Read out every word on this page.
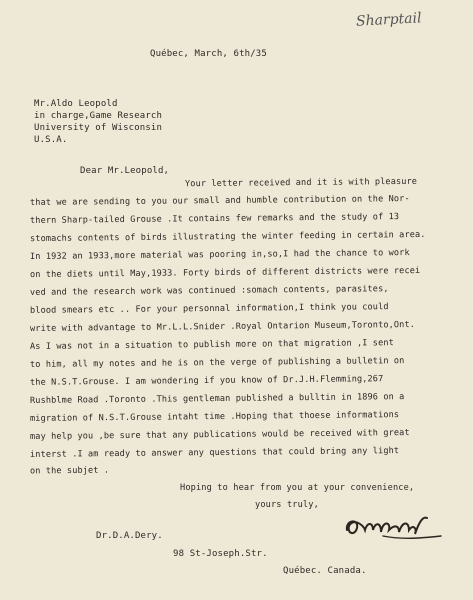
Sharptail
Québec, March, 6th/35
Mr.Aldo Leopold
in charge,Game Research
University of Wisconsin
U.S.A.
Dear Mr.Leopold,
Your letter received and it is with pleasure
that we are sending to you our small and humble contribution on the Nor-
thern Sharp-tailed Grouse .It contains few remarks and the study of 13
stomachs contents of birds illustrating the winter feeding in certain area.
In 1932 an 1933,more material was pooring in,so,I had the chance to work
on the diets until May,1933. Forty birds of different districts were recei
ved and the research work was continued :somach contents, parasites,
blood smears etc .. For your personnal information,I think you could
write with advantage to Mr.L.L.Snider .Royal Ontarion Museum,Toronto,Ont.
As I was not in a situation to publish more on that migration ,I sent
to him, all my notes and he is on the verge of publishing a bulletin on
the N.S.T.Grouse. I am wondering if you know of Dr.J.H.Flemming,267
Rushblme Road .Toronto .This gentleman published a bulltin in 1896 on a
migration of N.S.T.Grouse intaht time .Hoping that thoese informations
may help you ,be sure that any publications would be received with great
interst .I am ready to answer any questions that could bring any light
on the subjet .
Hoping to hear from you at your convenience,
yours truly,
Dr.D.A.Dery.
98 St-Joseph.Str.
Québec. Canada.
